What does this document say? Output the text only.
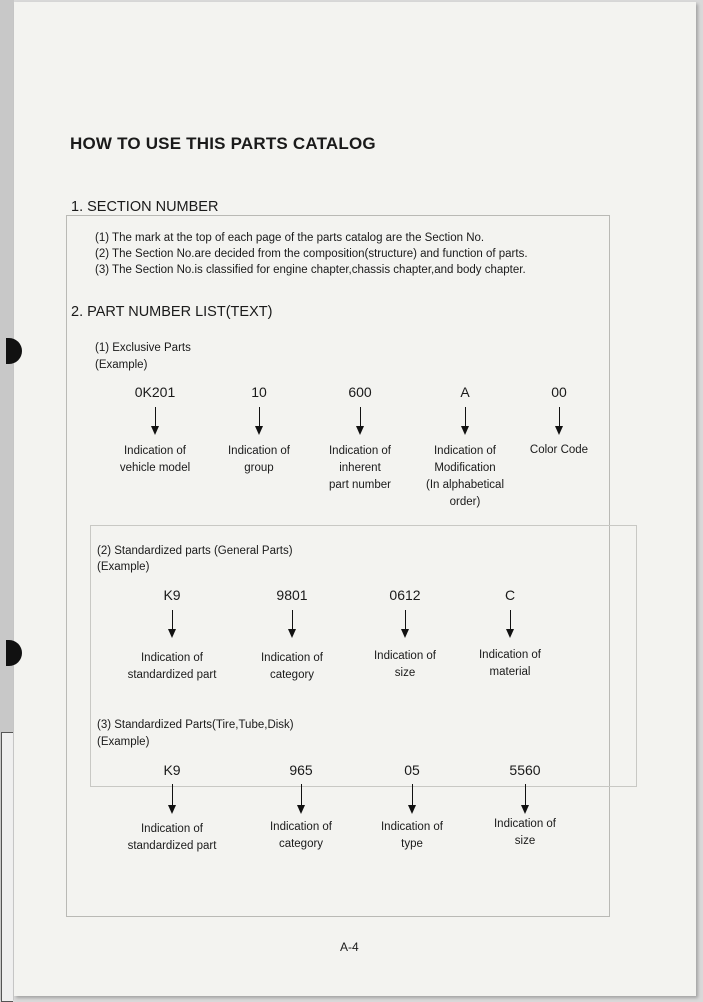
HOW TO USE THIS PARTS CATALOG
1. SECTION NUMBER
(1) The mark at the top of each page of the parts catalog are the Section No.
(2) The Section No.are decided from the composition(structure) and function of parts.
(3) The Section No.is classified for engine chapter,chassis chapter,and body chapter.
2. PART NUMBER LIST(TEXT)
(1) Exclusive Parts
(Example)
0K201
Indication of
vehicle model
10
Indication of
group
600
Indication of
inherent
part number
A
Indication of
Modification
(In alphabetical
order)
00
Color Code
K9
Indication of
standardized part
9801
Indication of
category
0612
Indication of
size
C
Indication of
material
(2) Standardized parts (General Parts)
(Example)
K9
Indication of
standardized part
965
Indication of
category
05
Indication of
type
5560
Indication of
size
(3) Standardized Parts(Tire,Tube,Disk)
(Example)
A-4
